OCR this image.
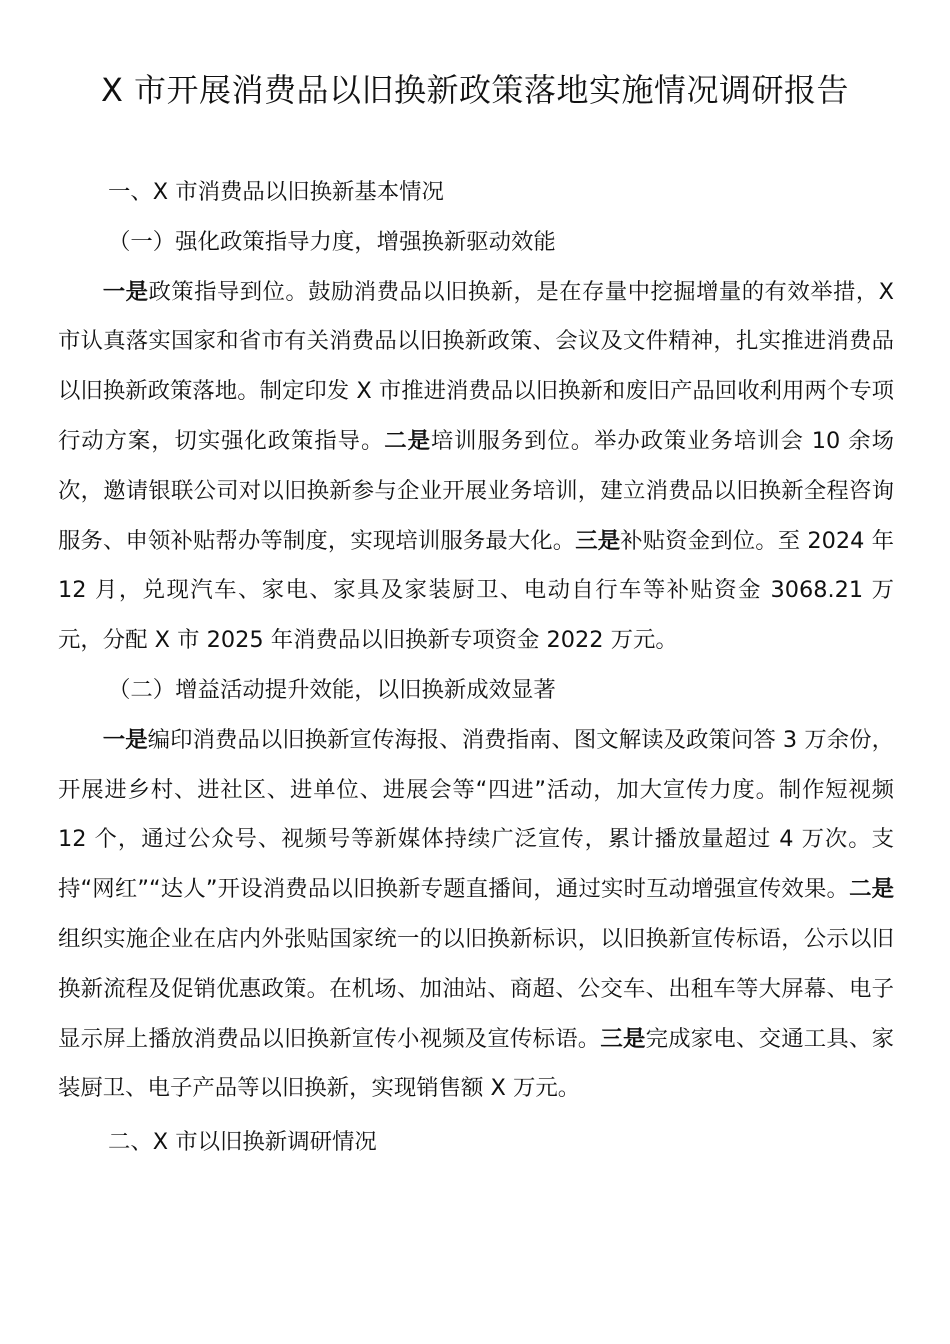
X 市开展消费品以旧换新政策落地实施情况调研报告

一、X 市消费品以旧换新基本情况

（一）强化政策指导力度，增强换新驱动效能

一是政策指导到位。鼓励消费品以旧换新，是在存量中挖掘增量的有效举措，X 市认真落实国家和省市有关消费品以旧换新政策、会议及文件精神，扎实推进消费品以旧换新政策落地。制定印发 X 市推进消费品以旧换新和废旧产品回收利用两个专项行动方案，切实强化政策指导。二是培训服务到位。举办政策业务培训会 10 余场次，邀请银联公司对以旧换新参与企业开展业务培训，建立消费品以旧换新全程咨询服务、申领补贴帮办等制度，实现培训服务最大化。三是补贴资金到位。至 2024 年 12 月，兑现汽车、家电、家具及家装厨卫、电动自行车等补贴资金 3068.21 万元，分配 X 市 2025 年消费品以旧换新专项资金 2022 万元。

（二）增益活动提升效能，以旧换新成效显著

一是编印消费品以旧换新宣传海报、消费指南、图文解读及政策问答 3 万余份，开展进乡村、进社区、进单位、进展会等“四进”活动，加大宣传力度。制作短视频 12 个，通过公众号、视频号等新媒体持续广泛宣传，累计播放量超过 4 万次。支持“网红”“达人”开设消费品以旧换新专题直播间，通过实时互动增强宣传效果。二是组织实施企业在店内外张贴国家统一的以旧换新标识，以旧换新宣传标语，公示以旧换新流程及促销优惠政策。在机场、加油站、商超、公交车、出租车等大屏幕、电子显示屏上播放消费品以旧换新宣传小视频及宣传标语。三是完成家电、交通工具、家装厨卫、电子产品等以旧换新，实现销售额 X 万元。

二、X 市以旧换新调研情况
